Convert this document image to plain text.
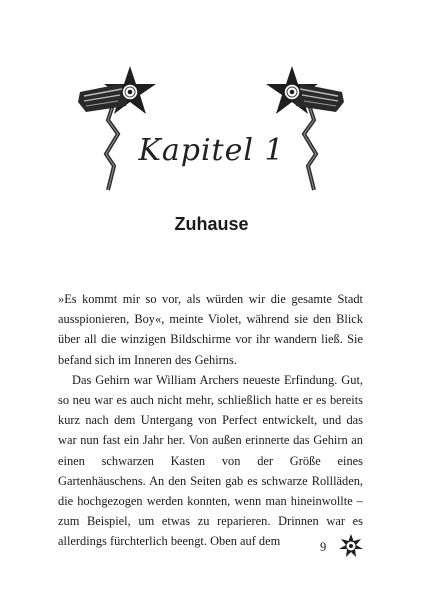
Kapitel 1
Zuhause

»Es kommt mir so vor, als würden wir die gesamte Stadt ausspionieren, Boy«, meinte Violet, während sie den Blick über all die winzigen Bildschirme vor ihr wandern ließ. Sie befand sich im Inneren des Gehirns.

Das Gehirn war William Archers neueste Erfindung. Gut, so neu war es auch nicht mehr, schließlich hatte er es bereits kurz nach dem Untergang von Perfect entwickelt, und das war nun fast ein Jahr her. Von außen erinnerte das Gehirn an einen schwarzen Kasten von der Größe eines Gartenhäuschens. An den Seiten gab es schwarze Rollläden, die hochgezogen werden konnten, wenn man hineinwollte – zum Beispiel, um etwas zu reparieren. Drinnen war es allerdings fürchterlich beengt. Oben auf dem	9
